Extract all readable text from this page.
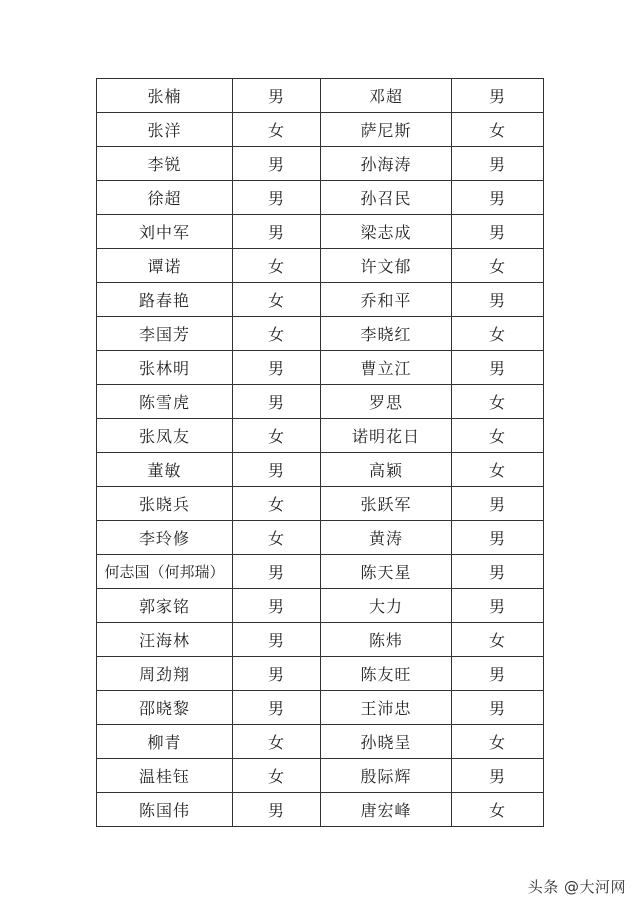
张楠	男	邓超	男
张洋	女	萨尼斯	女
李锐	男	孙海涛	男
徐超	男	孙召民	男
刘中军	男	梁志成	男
谭诺	女	许文郁	女
路春艳	女	乔和平	男
李国芳	女	李晓红	女
张林明	男	曹立江	男
陈雪虎	男	罗思	女
张凤友	女	诺明花日	女
董敏	男	高颖	女
张晓兵	女	张跃军	男
李玲修	女	黄涛	男
何志国（何邦瑞）	男	陈天星	男
郭家铭	男	大力	男
汪海林	男	陈炜	女
周劲翔	男	陈友旺	男
邵晓黎	男	王沛忠	男
柳青	女	孙晓呈	女
温桂钰	女	殷际辉	男
陈国伟	男	唐宏峰	女
头条 @大河网
